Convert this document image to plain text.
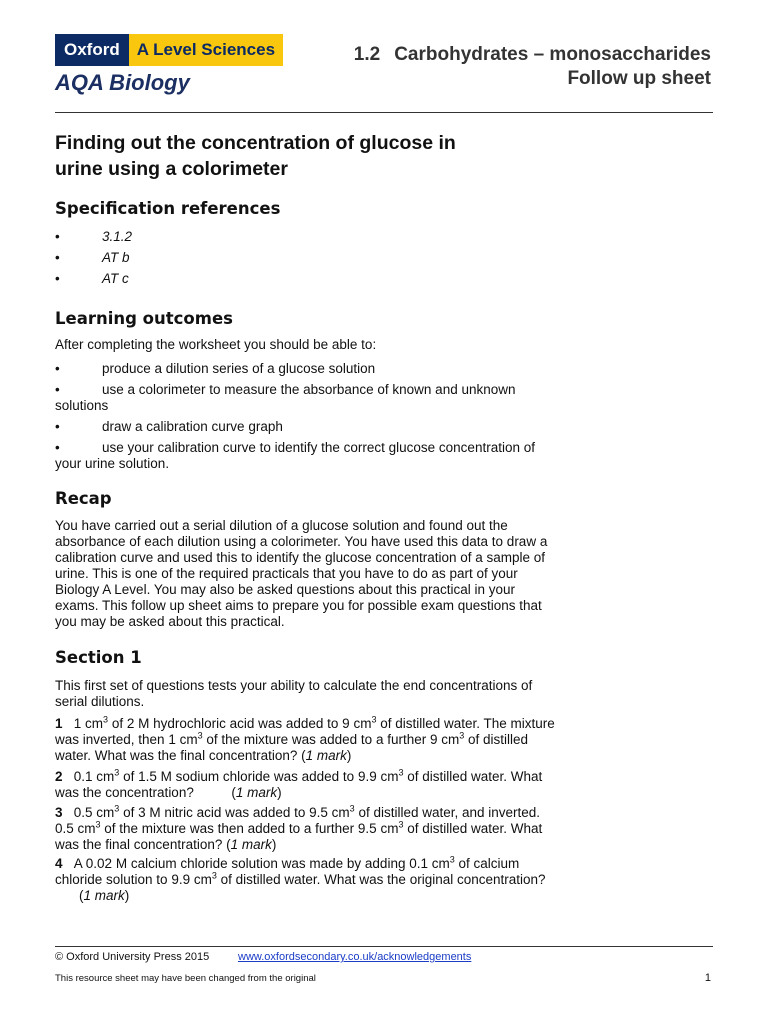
Oxford	A Level Sciences
AQA Biology
1.2 Carbohydrates – monosaccharides
Follow up sheet
Finding out the concentration of glucose in
urine using a colorimeter
Specification references
•	3.1.2
•	AT b
•	AT c
Learning outcomes
After completing the worksheet you should be able to:
•	produce a dilution series of a glucose solution
•	use a colorimeter to measure the absorbance of known and unknown
solutions
•	draw a calibration curve graph
•	use your calibration curve to identify the correct glucose concentration of
your urine solution.
Recap
You have carried out a serial dilution of a glucose solution and found out the
absorbance of each dilution using a colorimeter. You have used this data to draw a
calibration curve and used this to identify the glucose concentration of a sample of
urine. This is one of the required practicals that you have to do as part of your
Biology A Level. You may also be asked questions about this practical in your
exams. This follow up sheet aims to prepare you for possible exam questions that
you may be asked about this practical.
Section 1
This first set of questions tests your ability to calculate the end concentrations of
serial dilutions.
1 1 $cm^3$ of 2 M hydrochloric acid was added to 9 $cm^3$ of distilled water. The mixture
was inverted, then 1 $cm^3$ of the mixture was added to a further 9 $cm^3$ of distilled
water. What was the final concentration? (1 mark)
2 0.1 $cm^3$ of 1.5 M sodium chloride was added to 9.9 $cm^3$ of distilled water. What
was the concentration?          (1 mark)
3 0.5 $cm^3$ of 3 M nitric acid was added to 9.5 $cm^3$ of distilled water, and inverted.
0.5 $cm^3$ of the mixture was then added to a further 9.5 $cm^3$ of distilled water. What
was the final concentration? (1 mark)
4 A 0.02 M calcium chloride solution was made by adding 0.1 $cm^3$ of calcium
chloride solution to 9.9 $cm^3$ of distilled water. What was the original concentration?
(1 mark)
© Oxford University Press 2015	www.oxfordsecondary.co.uk/acknowledgements
This resource sheet may have been changed from the original	1
